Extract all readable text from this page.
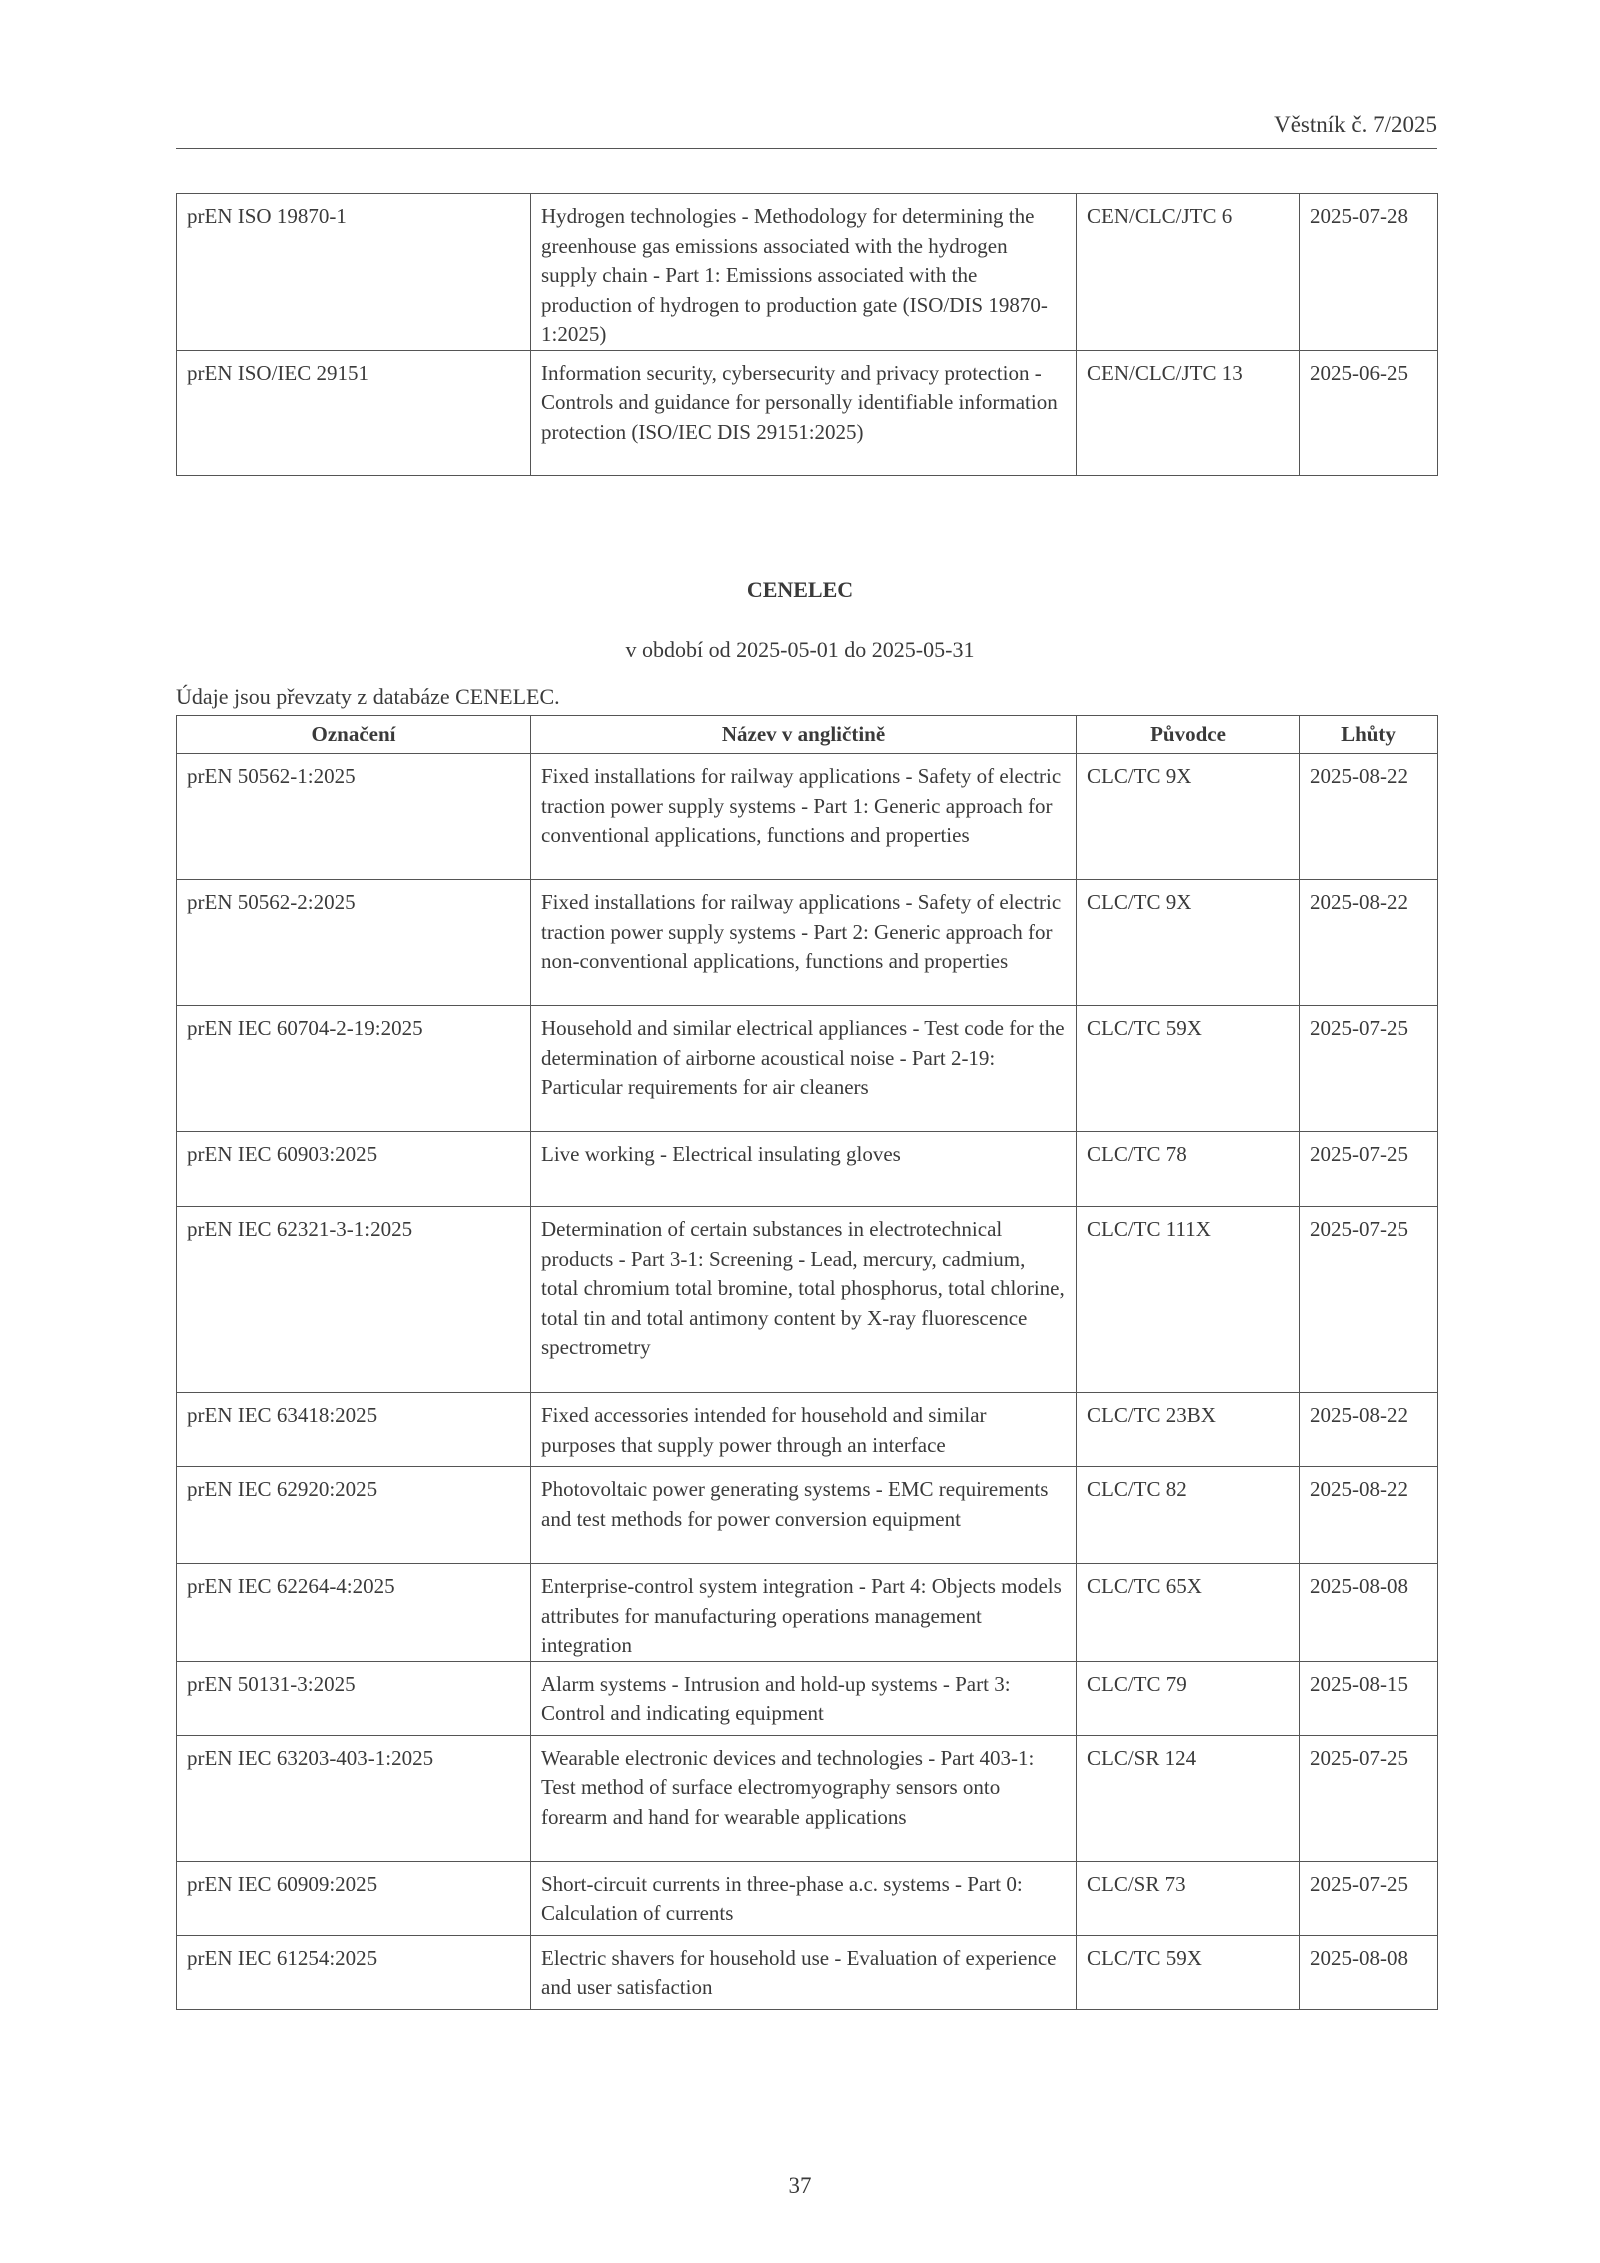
Věstník č. 7/2025
prEN ISO 19870-1	Hydrogen technologies - Methodology for determining the greenhouse gas emissions associated with the hydrogen supply chain - Part 1: Emissions associated with the production of hydrogen to production gate (ISO/DIS 19870-1:2025)	CEN/CLC/JTC 6	2025-07-28
prEN ISO/IEC 29151	Information security, cybersecurity and privacy protection - Controls and guidance for personally identifiable information protection (ISO/IEC DIS 29151:2025)	CEN/CLC/JTC 13	2025-06-25
CENELEC
v období od 2025-05-01 do 2025-05-31
Údaje jsou převzaty z databáze CENELEC.
Označení	Název v angličtině	Původce	Lhůty
prEN 50562-1:2025	Fixed installations for railway applications - Safety of electric traction power supply systems - Part 1: Generic approach for conventional applications, functions and properties	CLC/TC 9X	2025-08-22
prEN 50562-2:2025	Fixed installations for railway applications - Safety of electric traction power supply systems - Part 2: Generic approach for non-conventional applications, functions and properties	CLC/TC 9X	2025-08-22
prEN IEC 60704-2-19:2025	Household and similar electrical appliances - Test code for the determination of airborne acoustical noise - Part 2-19: Particular requirements for air cleaners	CLC/TC 59X	2025-07-25
prEN IEC 60903:2025	Live working - Electrical insulating gloves	CLC/TC 78	2025-07-25
prEN IEC 62321-3-1:2025	Determination of certain substances in electrotechnical products - Part 3-1: Screening - Lead, mercury, cadmium, total chromium total bromine, total phosphorus, total chlorine, total tin and total antimony content by X-ray fluorescence spectrometry	CLC/TC 111X	2025-07-25
prEN IEC 63418:2025	Fixed accessories intended for household and similar purposes that supply power through an interface	CLC/TC 23BX	2025-08-22
prEN IEC 62920:2025	Photovoltaic power generating systems - EMC requirements and test methods for power conversion equipment	CLC/TC 82	2025-08-22
prEN IEC 62264-4:2025	Enterprise-control system integration - Part 4: Objects models attributes for manufacturing operations management integration	CLC/TC 65X	2025-08-08
prEN 50131-3:2025	Alarm systems - Intrusion and hold-up systems - Part 3: Control and indicating equipment	CLC/TC 79	2025-08-15
prEN IEC 63203-403-1:2025	Wearable electronic devices and technologies - Part 403-1: Test method of surface electromyography sensors onto forearm and hand for wearable applications	CLC/SR 124	2025-07-25
prEN IEC 60909:2025	Short-circuit currents in three-phase a.c. systems - Part 0: Calculation of currents	CLC/SR 73	2025-07-25
prEN IEC 61254:2025	Electric shavers for household use - Evaluation of experience and user satisfaction	CLC/TC 59X	2025-08-08
37
